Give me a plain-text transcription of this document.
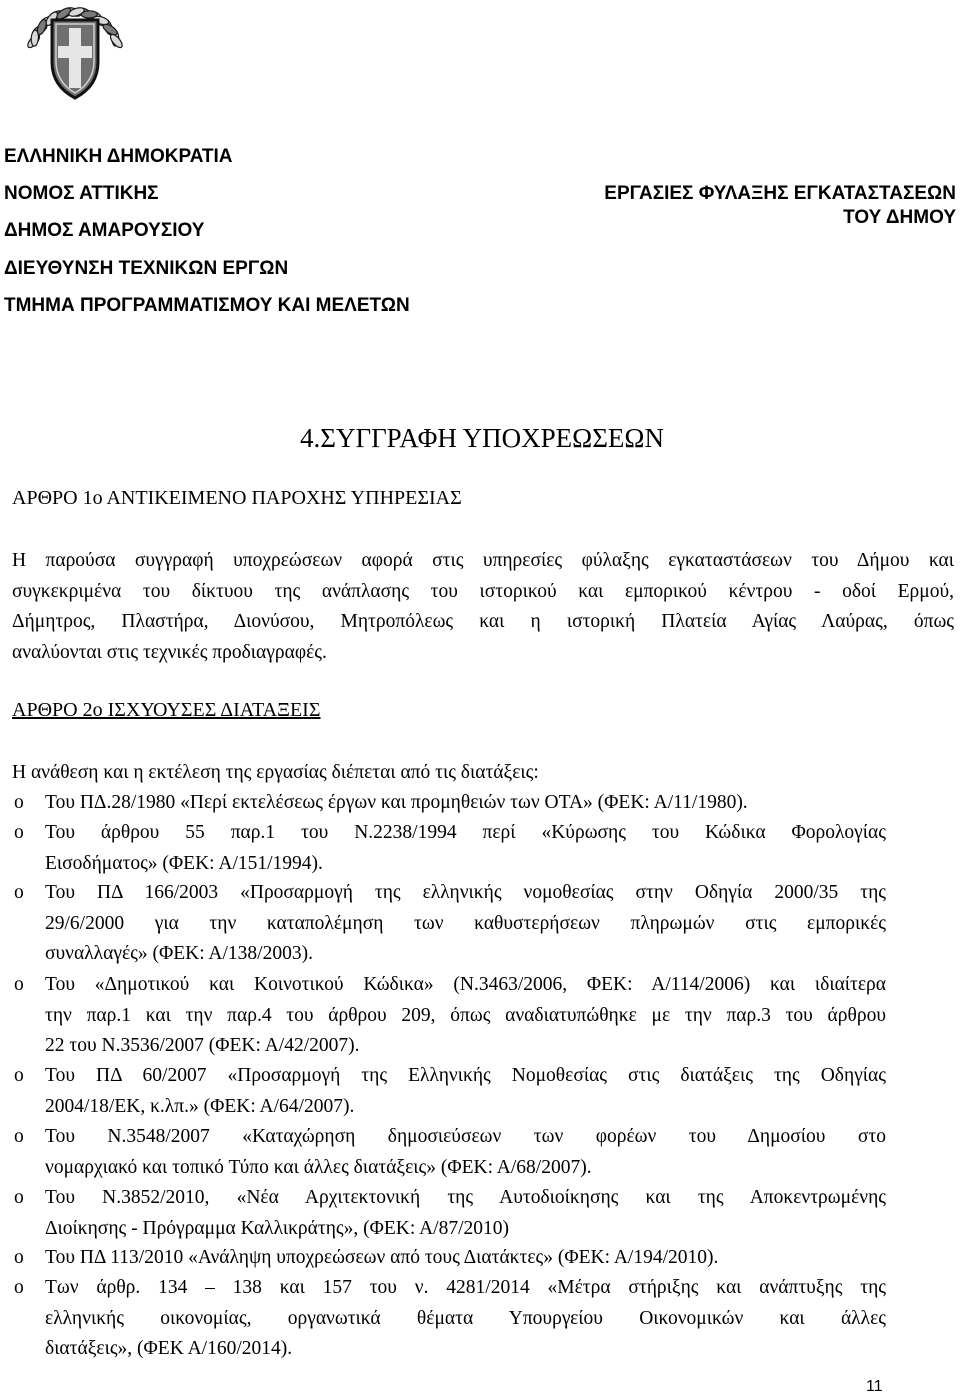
ΕΛΛΗΝΙΚΗ ΔΗΜΟΚΡΑΤΙΑ
ΝΟΜΟΣ ΑΤΤΙΚΗΣ
ΔΗΜΟΣ ΑΜΑΡΟΥΣΙΟΥ
ΔΙΕΥΘΥΝΣΗ ΤΕΧΝΙΚΩΝ ΕΡΓΩΝ
ΤΜΗΜΑ ΠΡΟΓΡΑΜΜΑΤΙΣΜΟΥ ΚΑΙ ΜΕΛΕΤΩΝ
ΕΡΓΑΣΙΕΣ ΦΥΛΑΞΗΣ ΕΓΚΑΤΑΣΤΑΣΕΩΝ
ΤΟΥ ΔΗΜΟΥ
4.ΣΥΓΓΡΑΦΗ ΥΠΟΧΡΕΩΣΕΩΝ
ΑΡΘΡΟ 1ο ΑΝΤΙΚΕΙΜΕΝΟ ΠΑΡΟΧΗΣ ΥΠΗΡΕΣΙΑΣ
Η παρούσα συγγραφή υποχρεώσεων αφορά στις υπηρεσίες φύλαξης εγκαταστάσεων του Δήμου και
συγκεκριμένα του δίκτυου της ανάπλασης του ιστορικού και εμπορικού κέντρου - οδοί Ερμού,
Δήμητρος, Πλαστήρα, Διονύσου, Μητροπόλεως και η ιστορική Πλατεία Αγίας Λαύρας, όπως
αναλύονται στις τεχνικές προδιαγραφές.
ΑΡΘΡΟ 2ο ΙΣΧΥΟΥΣΕΣ ΔΙΑΤΑΞΕΙΣ
Η ανάθεση και η εκτέλεση της εργασίας διέπεται από τις διατάξεις:
o Του ΠΔ.28/1980 «Περί εκτελέσεως έργων και προμηθειών των ΟΤΑ» (ΦΕΚ: Α/11/1980).
o Του άρθρου 55 παρ.1 του Ν.2238/1994 περί «Κύρωσης του Κώδικα Φορολογίας
Εισοδήματος» (ΦΕΚ: Α/151/1994).
o Του ΠΔ 166/2003 «Προσαρμογή της ελληνικής νομοθεσίας στην Οδηγία 2000/35 της
29/6/2000 για την καταπολέμηση των καθυστερήσεων πληρωμών στις εμπορικές
συναλλαγές» (ΦΕΚ: Α/138/2003).
o Του «Δημοτικού και Κοινοτικού Κώδικα» (Ν.3463/2006, ΦΕΚ: Α/114/2006) και ιδιαίτερα
την παρ.1 και την παρ.4 του άρθρου 209, όπως αναδιατυπώθηκε με την παρ.3 του άρθρου
22 του Ν.3536/2007 (ΦΕΚ: Α/42/2007).
o Του ΠΔ 60/2007 «Προσαρμογή της Ελληνικής Νομοθεσίας στις διατάξεις της Οδηγίας
2004/18/ΕΚ, κ.λπ.» (ΦΕΚ: Α/64/2007).
o Του Ν.3548/2007 «Καταχώρηση δημοσιεύσεων των φορέων του Δημοσίου στο
νομαρχιακό και τοπικό Τύπο και άλλες διατάξεις» (ΦΕΚ: Α/68/2007).
o Του Ν.3852/2010, «Νέα Αρχιτεκτονική της Αυτοδιοίκησης και της Αποκεντρωμένης
Διοίκησης - Πρόγραμμα Καλλικράτης», (ΦΕΚ: Α/87/2010)
o Του ΠΔ 113/2010 «Ανάληψη υποχρεώσεων από τους Διατάκτες» (ΦΕΚ: Α/194/2010).
o Των άρθρ. 134 – 138 και 157 του ν. 4281/2014 «Μέτρα στήριξης και ανάπτυξης της
ελληνικής οικονομίας, οργανωτικά θέματα Υπουργείου Οικονομικών και άλλες
διατάξεις», (ΦΕΚ Α/160/2014).
11
